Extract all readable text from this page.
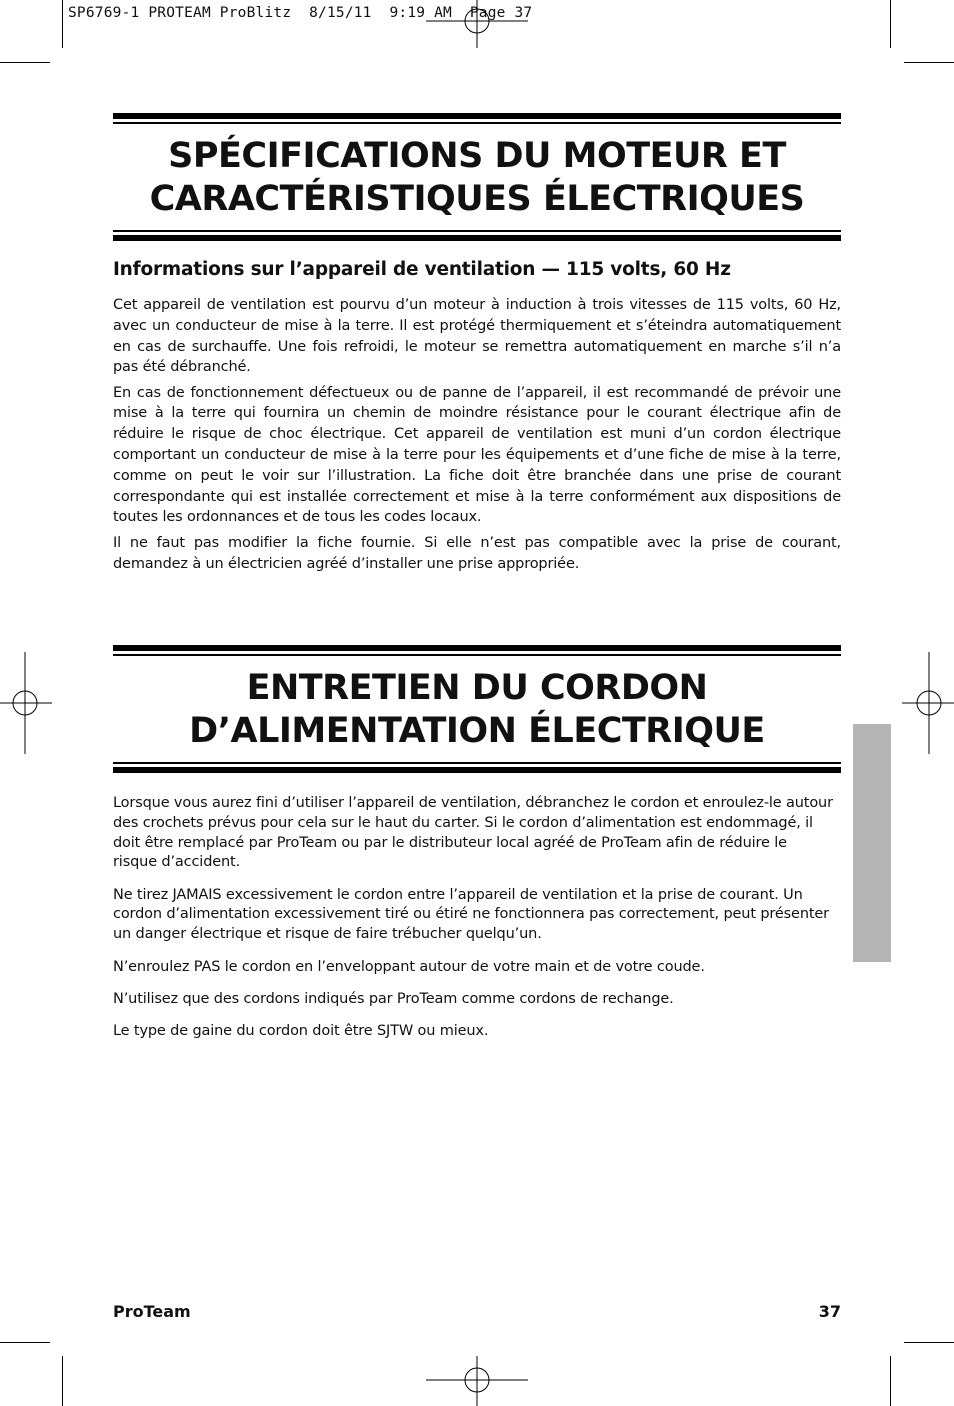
SP6769-1 PROTEAM ProBlitz  8/15/11  9:19 AM  Page 37
SPÉCIFICATIONS DU MOTEUR ET
CARACTÉRISTIQUES ÉLECTRIQUES
Informations sur l’appareil de ventilation — 115 volts, 60 Hz

Cet appareil de ventilation est pourvu d’un moteur à induction à trois vitesses de 115 volts, 60 Hz, avec un conducteur de mise à la terre. Il est protégé thermiquement et s’éteindra automatiquement en cas de surchauffe. Une fois refroidi, le moteur se remettra automatiquement en marche s’il n’a pas été débranché.

En cas de fonctionnement défectueux ou de panne de l’appareil, il est recommandé de prévoir une mise à la terre qui fournira un chemin de moindre résistance pour le courant électrique afin de réduire le risque de choc électrique. Cet appareil de ventilation est muni d’un cordon électrique comportant un conducteur de mise à la terre pour les équipements et d’une fiche de mise à la terre, comme on peut le voir sur l’illustration. La fiche doit être branchée dans une prise de courant correspondante qui est installée correctement et mise à la terre conformément aux dispositions de toutes les ordonnances et de tous les codes locaux.

Il ne faut pas modifier la fiche fournie. Si elle n’est pas compatible avec la prise de courant, demandez à un électricien agréé d’installer une prise appropriée.

ENTRETIEN DU CORDON
D’ALIMENTATION ÉLECTRIQUE

Lorsque vous aurez fini d’utiliser l’appareil de ventilation, débranchez le cordon et enroulez-le autour des crochets prévus pour cela sur le haut du carter. Si le cordon d’alimentation est endommagé, il doit être remplacé par ProTeam ou par le distributeur local agréé de ProTeam afin de réduire le risque d’accident.

Ne tirez JAMAIS excessivement le cordon entre l’appareil de ventilation et la prise de courant. Un cordon d’alimentation excessivement tiré ou étiré ne fonctionnera pas correctement, peut présenter un danger électrique et risque de faire trébucher quelqu’un.

N’enroulez PAS le cordon en l’enveloppant autour de votre main et de votre coude.

N’utilisez que des cordons indiqués par ProTeam comme cordons de rechange.

Le type de gaine du cordon doit être SJTW ou mieux.

ProTeam	37
